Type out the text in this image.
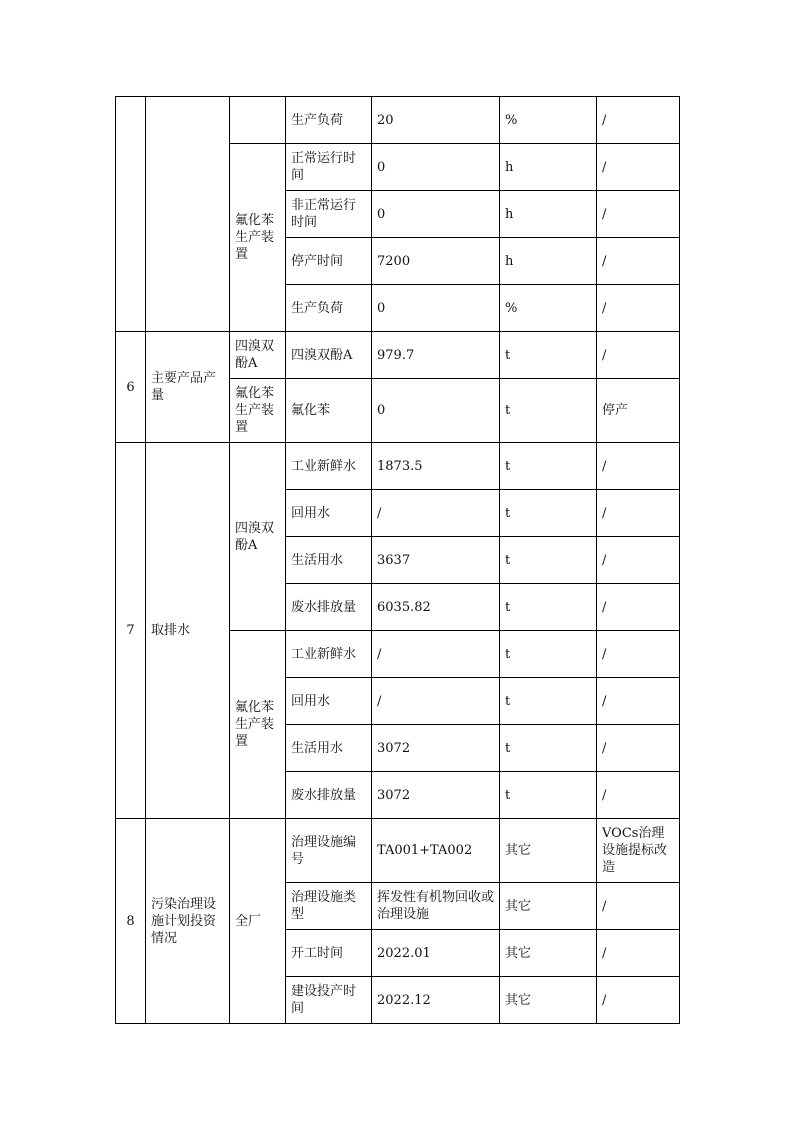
			生产负荷	20	%	/
		氟化苯生产装置	正常运行时间	0	h	/
			非正常运行时间	0	h	/
			停产时间	7200	h	/
			生产负荷	0	%	/
6	主要产品产量	四溴双酚A	四溴双酚A	979.7	t	/
		氟化苯生产装置	氟化苯	0	t	停产
7	取排水	四溴双酚A	工业新鲜水	1873.5	t	/
			回用水	/	t	/
			生活用水	3637	t	/
			废水排放量	6035.82	t	/
		氟化苯生产装置	工业新鲜水	/	t	/
			回用水	/	t	/
			生活用水	3072	t	/
			废水排放量	3072	t	/
8	污染治理设施计划投资情况	全厂	治理设施编号	TA001+TA002	其它	VOCs治理设施提标改造
			治理设施类型	挥发性有机物回收或治理设施	其它	/
			开工时间	2022.01	其它	/
			建设投产时间	2022.12	其它	/
